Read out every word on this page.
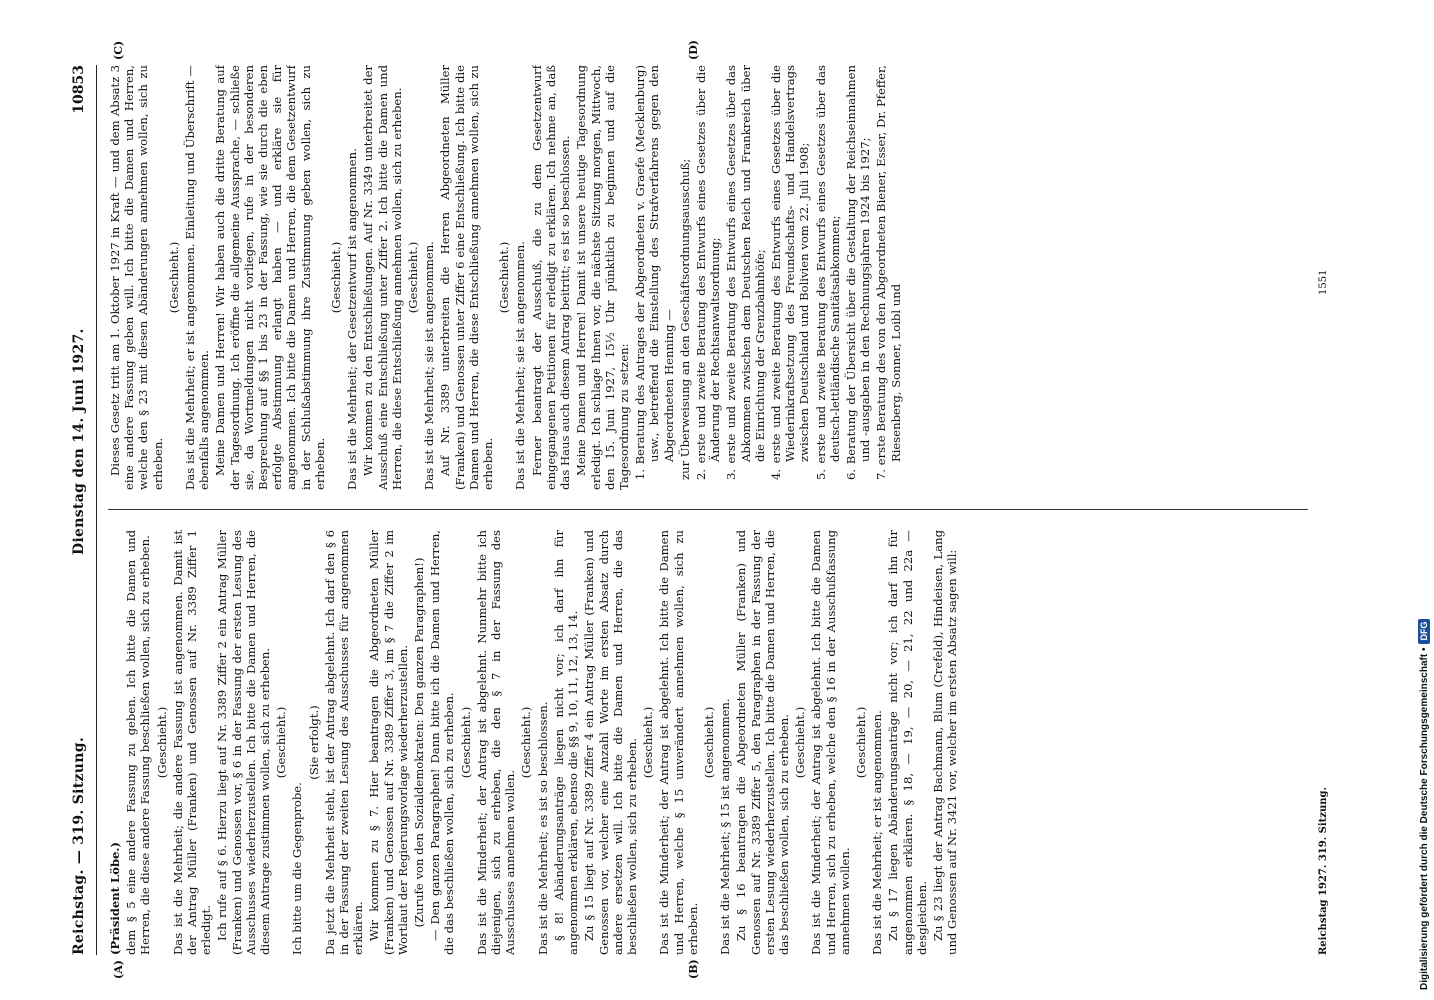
Reichstag. — 319. Sitzung.
Dienstag den 14. Juni 1927.
10853
(A)	(B)
(C)	(D)

(Präsident Löbe.) dem § 5 eine andere Fassung zu geben. Ich bitte die Damen und Herren, die diese andere Fassung beschließen wollen, sich zu erheben. (Geschieht.) Das ist die Mehrheit; die andere Fassung ist angenommen. Damit ist der Antrag Müller (Franken) und Genossen auf Nr. 3389 Ziffer 1 erledigt. Ich rufe auf § 6. Hierzu liegt auf Nr. 3389 Ziffer 2 ein Antrag Müller (Franken) und Genossen vor, § 6 in der Fassung der ersten Lesung des Ausschusses wiederherzustellen. Ich bitte die Damen und Herren, die diesem Antrage zustimmen wollen, sich zu erheben. (Geschieht.)

Ich bitte um die Gegenprobe.

(Sie erfolgt.) Da jetzt die Mehrheit steht, ist der Antrag abgelehnt. Ich darf den § 6 in der Fassung der zweiten Lesung des Ausschusses für angenommen erklären. Wir kommen zu § 7. Hier beantragen die Abgeordneten Müller (Franken) und Genossen auf Nr. 3389 Ziffer 3, im § 7 die Ziffer 2 im Wortlaut der Regierungsvorlage wiederherzustellen. (Zurufe von den Sozialdemokraten: Den ganzen Paragraphen!) — Den ganzen Paragraphen! Dann bitte ich die Damen und Herren, die das beschließen wollen, sich zu erheben. (Geschieht.) Das ist die Minderheit; der Antrag ist abgelehnt. Nunmehr bitte ich diejenigen, sich zu erheben, die den § 7 in der Fassung des Ausschusses annehmen wollen.

(Geschieht.) Das ist die Mehrheit; es ist so beschlossen. § 8! Abänderungsanträge liegen nicht vor; ich darf ihn für angenommen erklären, ebenso die §§ 9, 10, 11, 12, 13, 14. Zu § 15 liegt auf Nr. 3389 Ziffer 4 ein Antrag Müller (Franken) und Genossen vor, welcher eine Anzahl Worte im ersten Absatz durch andere ersetzen will. Ich bitte die Damen und Herren, die das beschließen wollen, sich zu erheben. (Geschieht.) Das ist die Minderheit; der Antrag ist abgelehnt. Ich bitte die Damen und Herren, welche § 15 unverändert annehmen wollen, sich zu erheben.

(Geschieht.) Das ist die Mehrheit; § 15 ist angenommen. Zu § 16 beantragen die Abgeordneten Müller (Franken) und Genossen auf Nr. 3389 Ziffer 5, den Paragraphen in der Fassung der ersten Lesung wiederherzustellen. Ich bitte die Damen und Herren, die das beschließen wollen, sich zu erheben. (Geschieht.) Das ist die Minderheit; der Antrag ist abgelehnt. Ich bitte die Damen und Herren, sich zu erheben, welche den § 16 in der Ausschußfassung annehmen wollen.

(Geschieht.) Das ist die Mehrheit; er ist angenommen. Zu § 17 liegen Abänderungsanträge nicht vor; ich darf ihn für angenommen erklären. § 18, — 19, — 20, — 21, 22 und 22a — desgleichen. Zu § 23 liegt der Antrag Bachmann, Blum (Crefeld), Hindeisen, Lang und Genossen auf Nr. 3421 vor, welcher im ersten Absatz sagen will:

Dieses Gesetz tritt am 1. Oktober 1927 in Kraft — und dem Absatz 3 eine andere Fassung geben will. Ich bitte die Damen und Herren, welche den § 23 mit diesen Abänderungen annehmen wollen, sich zu erheben.

(Geschieht.) Das ist die Mehrheit; er ist angenommen. Einleitung und Überschrift — ebenfalls angenommen. Meine Damen und Herren! Wir haben auch die dritte Beratung auf der Tagesordnung. Ich eröffne die allgemeine Aussprache, — schließe sie, da Wortmeldungen nicht vorliegen, rufe in der besonderen Besprechung auf §§ 1 bis 23 in der Fassung, wie sie durch die eben erfolgte Abstimmung erlangt haben — und erkläre sie für angenommen. Ich bitte die Damen und Herren, die dem Gesetzentwurf in der Schlußabstimmung ihre Zustimmung geben wollen, sich zu erheben.

(Geschieht.) Das ist die Mehrheit; der Gesetzentwurf ist angenommen. Wir kommen zu den Entschließungen. Auf Nr. 3349 unterbreitet der Ausschuß eine Entschließung unter Ziffer 2. Ich bitte die Damen und Herren, die diese Entschließung annehmen wollen, sich zu erheben. (Geschieht.) Das ist die Mehrheit; sie ist angenommen. Auf Nr. 3389 unterbreiten die Herren Abgeordneten Müller (Franken) und Genossen unter Ziffer 6 eine Entschließung. Ich bitte die Damen und Herren, die diese Entschließung annehmen wollen, sich zu erheben.

(Geschieht.) Das ist die Mehrheit; sie ist angenommen. Ferner beantragt der Ausschuß, die zu dem Gesetzentwurf eingegangenen Petitionen für erledigt zu erklären. Ich nehme an, daß das Haus auch diesem Antrag beitritt; es ist so beschlossen. Meine Damen und Herren! Damit ist unsere heutige Tagesordnung erledigt. Ich schlage Ihnen vor, die nächste Sitzung morgen, Mittwoch, den 15. Juni 1927, 15½ Uhr pünktlich zu beginnen und auf die Tagesordnung zu setzen: 1. Beratung des Antrages der Abgeordneten v. Graefe (Mecklenburg) usw., betreffend die Einstellung des Strafverfahrens gegen den Abgeordneten Henning — zur Überweisung an den Geschäftsordnungsausschuß; 2. erste und zweite Beratung des Entwurfs eines Gesetzes über die Änderung der Rechtsanwaltsordnung; 3. erste und zweite Beratung des Entwurfs eines Gesetzes über das Abkommen zwischen dem Deutschen Reich und Frankreich über die Einrichtung der Grenzbahnhöfe; 4. erste und zweite Beratung des Entwurfs eines Gesetzes über die Wiederinkraftsetzung des Freundschafts- und Handelsvertrags zwischen Deutschland und Bolivien vom 22. Juli 1908; 5. erste und zweite Beratung des Entwurfs eines Gesetzes über das deutsch-lettländische Sanitätsabkommen; 6. Beratung der Übersicht über die Gestaltung der Reichseinnahmen und -ausgaben in den Rechnungsjahren 1924 bis 1927; 7. erste Beratung des von den Abgeordneten Biener, Esser, Dr. Pfeffer, Riesenberg, Sonner, Loibl und

Reichstag 1927. 319. Sitzung.
1551
Digitalisierung gefördert durch die Deutsche Forschungsgemeinschaft •
DFG
